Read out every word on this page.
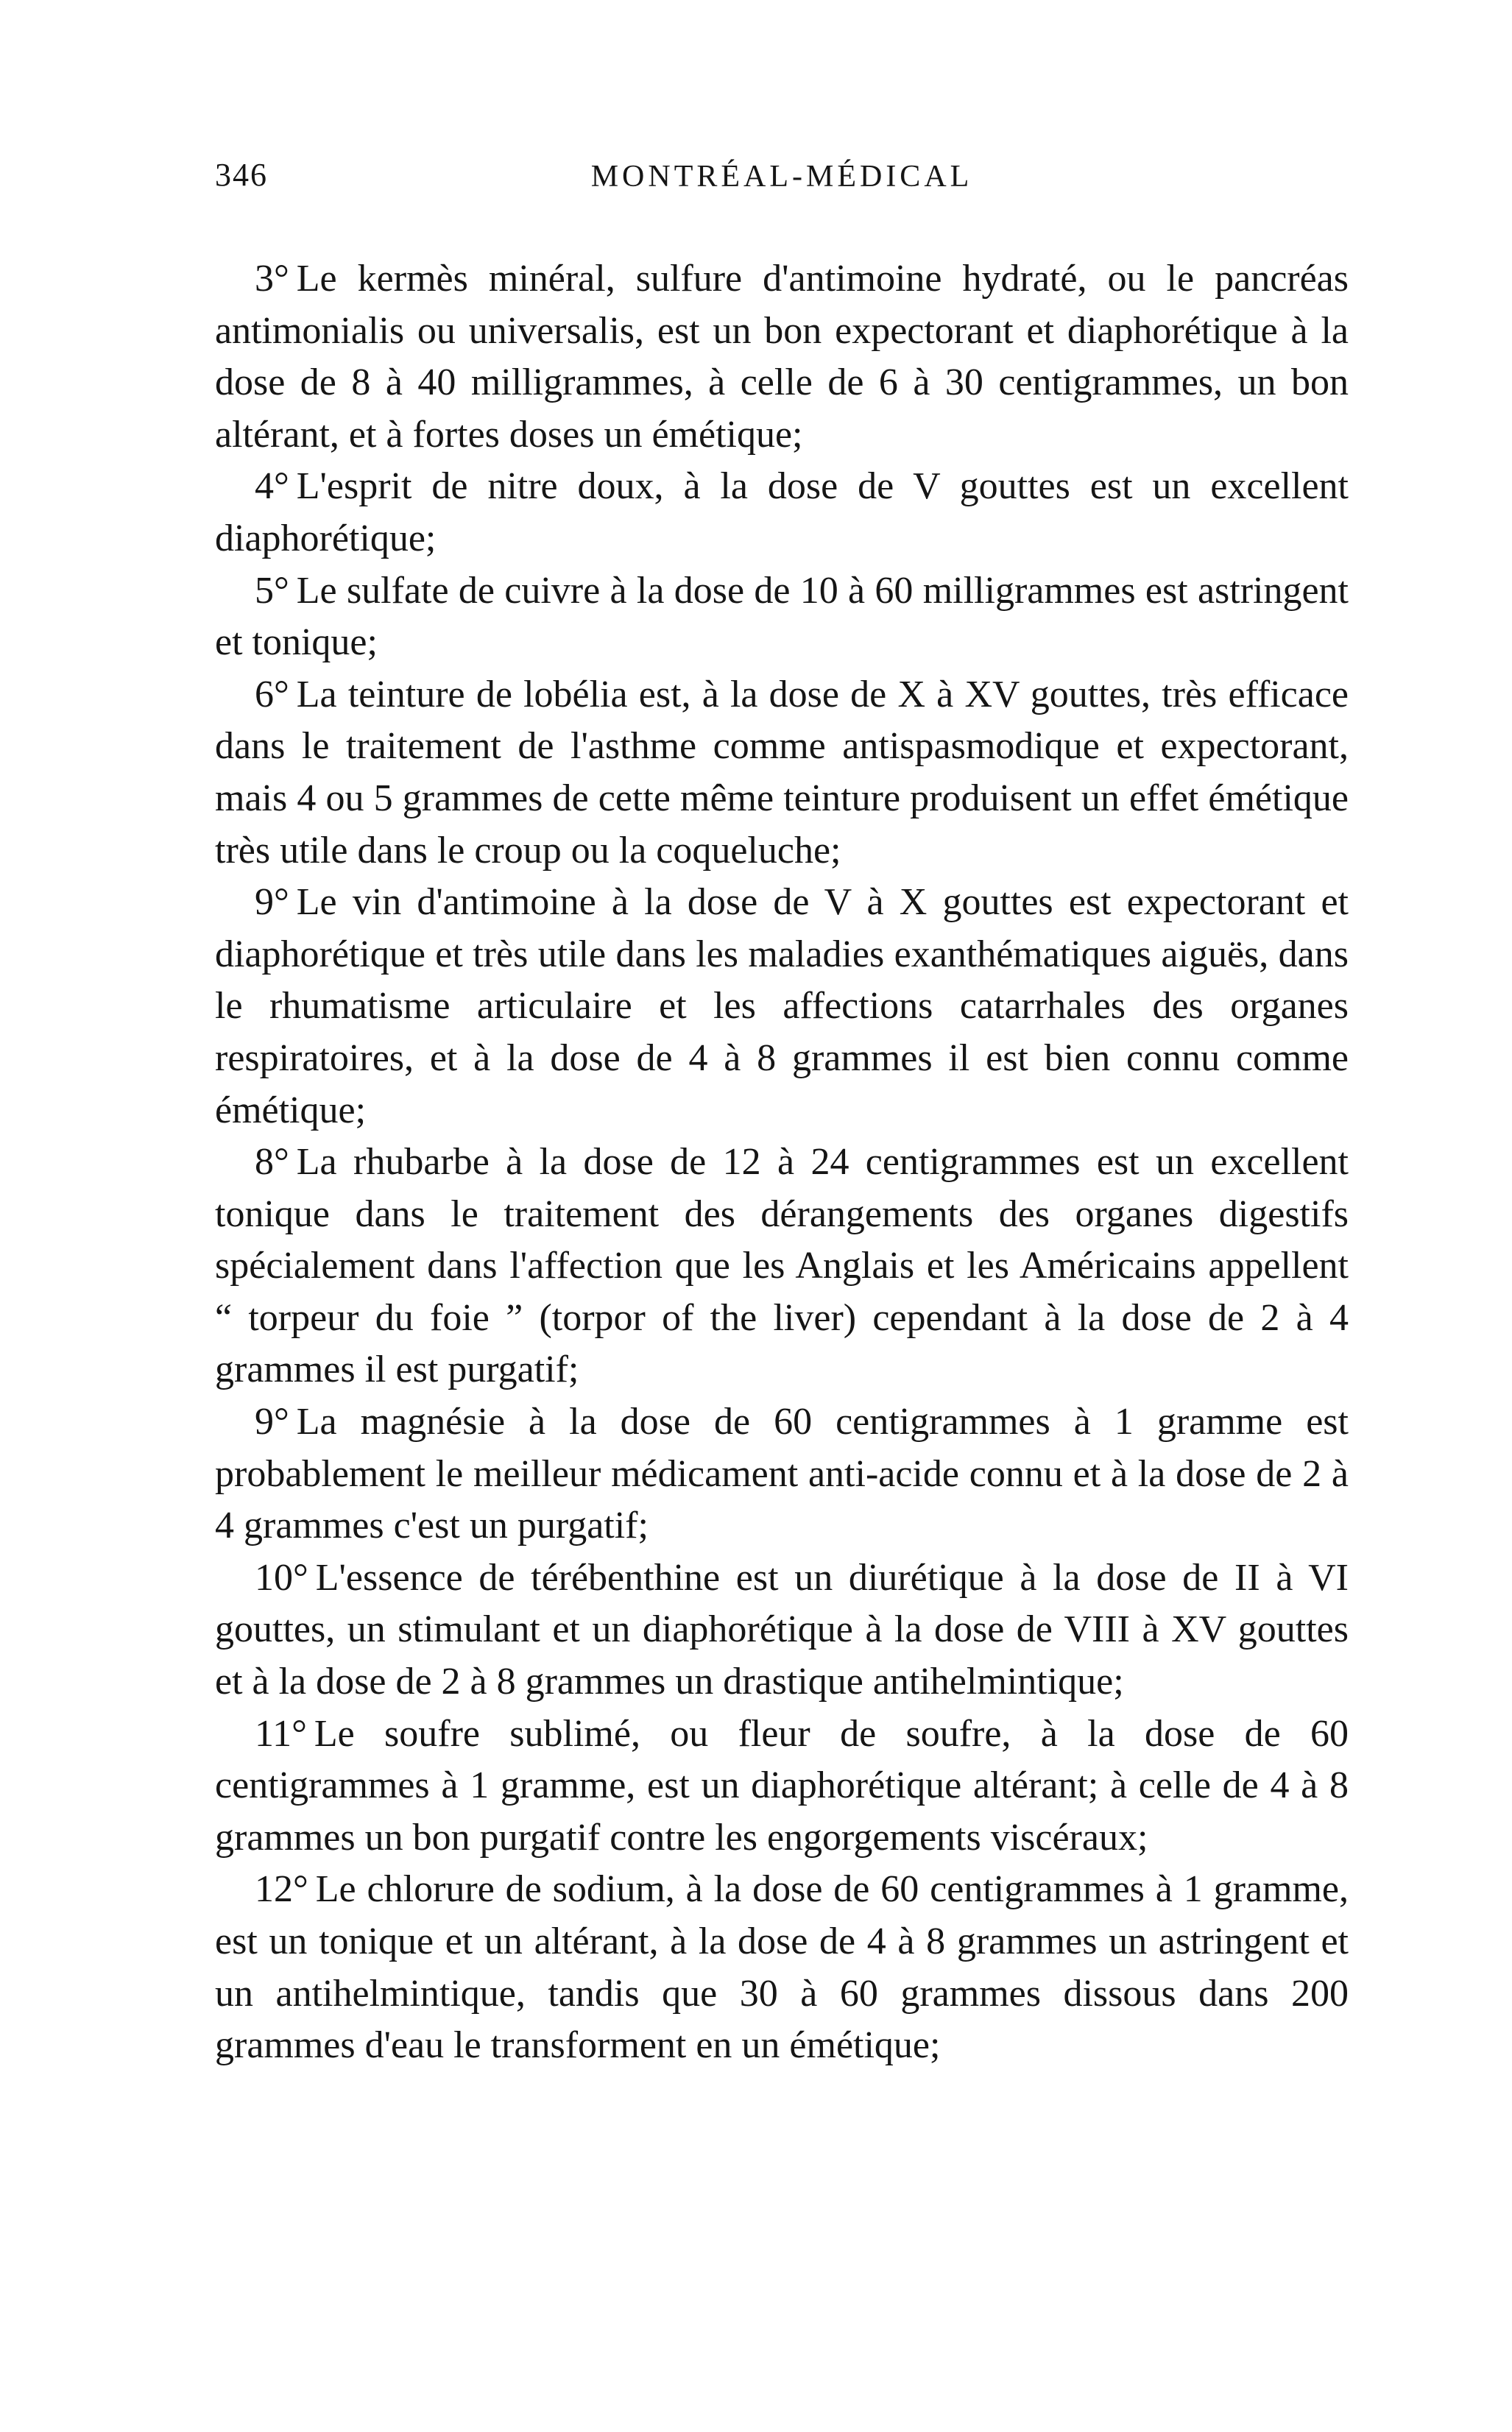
346	MONTRÉAL-MÉDICAL

3° Le kermès minéral, sulfure d'antimoine hydraté, ou le pancréas antimonialis ou universalis, est un bon expectorant et diaphorétique à la dose de 8 à 40 milligrammes, à celle de 6 à 30 centigrammes, un bon altérant, et à fortes doses un émétique;

4° L'esprit de nitre doux, à la dose de V gouttes est un excellent diaphorétique;

5° Le sulfate de cuivre à la dose de 10 à 60 milligrammes est astringent et tonique;

6° La teinture de lobélia est, à la dose de X à XV gouttes, très efficace dans le traitement de l'asthme comme antispasmodique et expectorant, mais 4 ou 5 grammes de cette même teinture produisent un effet émétique très utile dans le croup ou la coqueluche;

9° Le vin d'antimoine à la dose de V à X gouttes est expectorant et diaphorétique et très utile dans les maladies exanthématiques aiguës, dans le rhumatisme articulaire et les affections catarrhales des organes respiratoires, et à la dose de 4 à 8 grammes il est bien connu comme émétique;

8° La rhubarbe à la dose de 12 à 24 centigrammes est un excellent tonique dans le traitement des dérangements des organes digestifs spécialement dans l'affection que les Anglais et les Américains appellent “ torpeur du foie ” (torpor of the liver) cependant à la dose de 2 à 4 grammes il est purgatif;

9° La magnésie à la dose de 60 centigrammes à 1 gramme est probablement le meilleur médicament anti-acide connu et à la dose de 2 à 4 grammes c'est un purgatif;

10° L'essence de térébenthine est un diurétique à la dose de II à VI gouttes, un stimulant et un diaphorétique à la dose de VIII à XV gouttes et à la dose de 2 à 8 grammes un drastique antihelmintique;

11° Le soufre sublimé, ou fleur de soufre, à la dose de 60 centigrammes à 1 gramme, est un diaphorétique altérant; à celle de 4 à 8 grammes un bon purgatif contre les engorgements viscéraux;

12° Le chlorure de sodium, à la dose de 60 centigrammes à 1 gramme, est un tonique et un altérant, à la dose de 4 à 8 grammes un astringent et un antihelmintique, tandis que 30 à 60 grammes dissous dans 200 grammes d'eau le transforment en un émétique;
